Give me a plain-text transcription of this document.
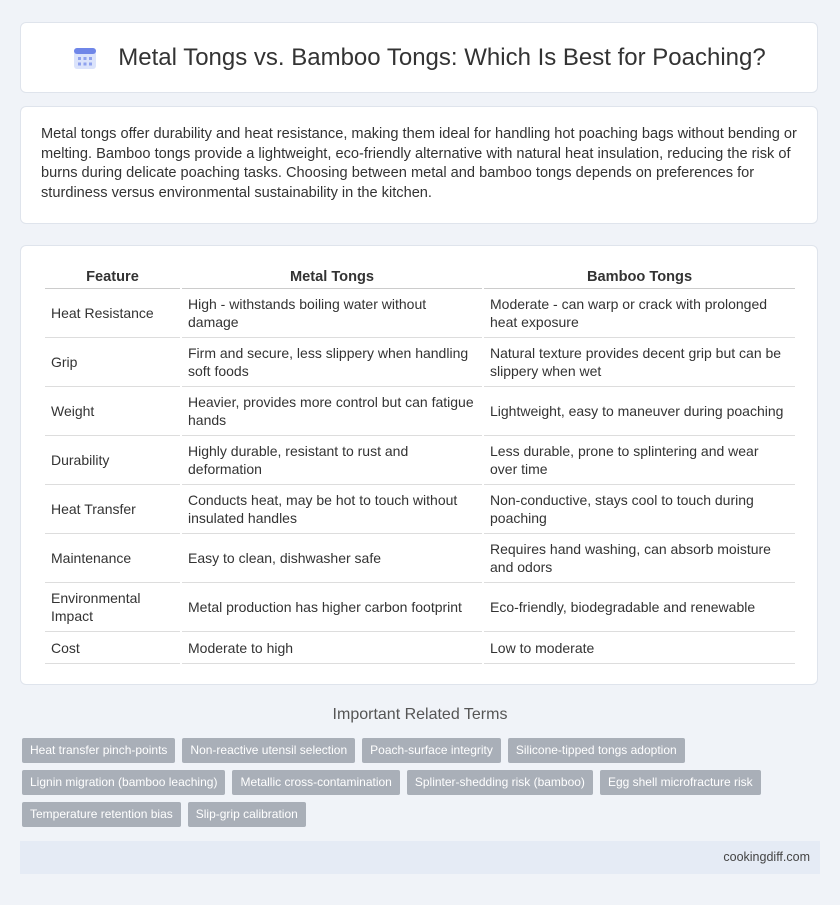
Metal Tongs vs. Bamboo Tongs: Which Is Best for Poaching?

Metal tongs offer durability and heat resistance, making them ideal for handling hot poaching bags without bending or melting. Bamboo tongs provide a lightweight, eco-friendly alternative with natural heat insulation, reducing the risk of burns during delicate poaching tasks. Choosing between metal and bamboo tongs depends on preferences for sturdiness versus environmental sustainability in the kitchen.

Feature	Metal Tongs	Bamboo Tongs
Heat Resistance	High - withstands boiling water without damage	Moderate - can warp or crack with prolonged heat exposure
Grip	Firm and secure, less slippery when handling soft foods	Natural texture provides decent grip but can be slippery when wet
Weight	Heavier, provides more control but can fatigue hands	Lightweight, easy to maneuver during poaching
Durability	Highly durable, resistant to rust and deformation	Less durable, prone to splintering and wear over time
Heat Transfer	Conducts heat, may be hot to touch without insulated handles	Non-conductive, stays cool to touch during poaching
Maintenance	Easy to clean, dishwasher safe	Requires hand washing, can absorb moisture and odors
Environmental Impact	Metal production has higher carbon footprint	Eco-friendly, biodegradable and renewable
Cost	Moderate to high	Low to moderate
Important Related Terms
Heat transfer pinch-points	Non-reactive utensil selection	Poach-surface integrity	Silicone-tipped tongs adoption
Lignin migration (bamboo leaching)	Metallic cross-contamination	Splinter-shedding risk (bamboo)	Egg shell microfracture risk
Temperature retention bias	Slip-grip calibration
cookingdiff.com
